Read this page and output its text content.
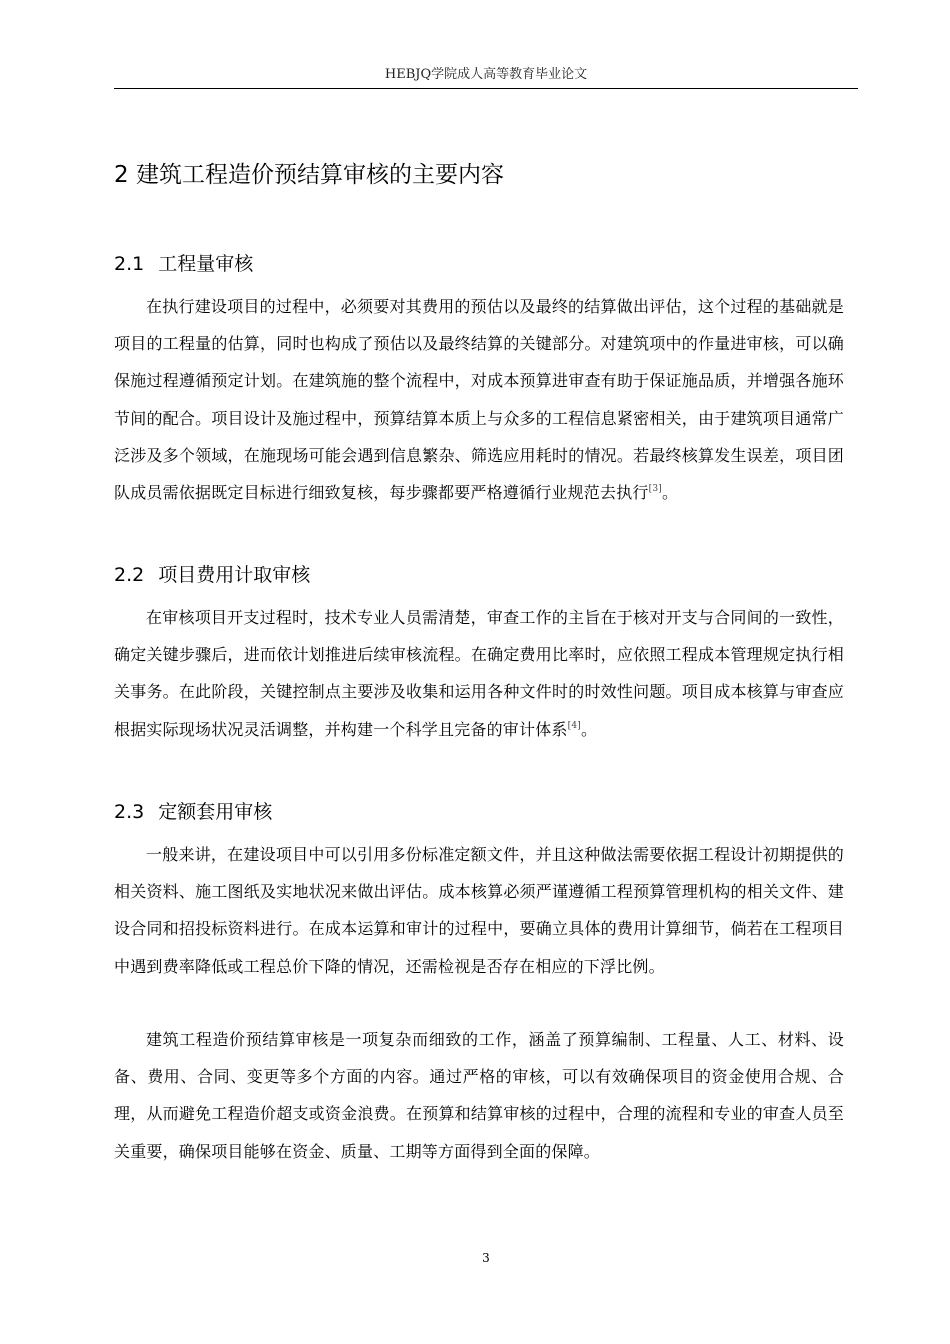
HEBJQ学院成人高等教育毕业论文
2 建筑工程造价预结算审核的主要内容
2.1 工程量审核

在执行建设项目的过程中，必须要对其费用的预估以及最终的结算做出评估，这个过程的基础就是项目的工程量的估算，同时也构成了预估以及最终结算的关键部分。对建筑项中的作量进审核，可以确保施过程遵循预定计划。在建筑施的整个流程中，对成本预算进审查有助于保证施品质，并增强各施环节间的配合。项目设计及施过程中，预算结算本质上与众多的工程信息紧密相关，由于建筑项目通常广泛涉及多个领域，在施现场可能会遇到信息繁杂、筛选应用耗时的情况。若最终核算发生误差，项目团队成员需依据既定目标进行细致复核，每步骤都要严格遵循行业规范去执行[3]。

2.2 项目费用计取审核

在审核项目开支过程时，技术专业人员需清楚，审查工作的主旨在于核对开支与合同间的一致性，确定关键步骤后，进而依计划推进后续审核流程。在确定费用比率时，应依照工程成本管理规定执行相关事务。在此阶段，关键控制点主要涉及收集和运用各种文件时的时效性问题。项目成本核算与审查应根据实际现场状况灵活调整，并构建一个科学且完备的审计体系[4]。

2.3 定额套用审核

一般来讲，在建设项目中可以引用多份标准定额文件，并且这种做法需要依据工程设计初期提供的相关资料、施工图纸及实地状况来做出评估。成本核算必须严谨遵循工程预算管理机构的相关文件、建设合同和招投标资料进行。在成本运算和审计的过程中，要确立具体的费用计算细节，倘若在工程项目中遇到费率降低或工程总价下降的情况，还需检视是否存在相应的下浮比例。

建筑工程造价预结算审核是一项复杂而细致的工作，涵盖了预算编制、工程量、人工、材料、设备、费用、合同、变更等多个方面的内容。通过严格的审核，可以有效确保项目的资金使用合规、合理，从而避免工程造价超支或资金浪费。在预算和结算审核的过程中，合理的流程和专业的审查人员至关重要，确保项目能够在资金、质量、工期等方面得到全面的保障。

3
